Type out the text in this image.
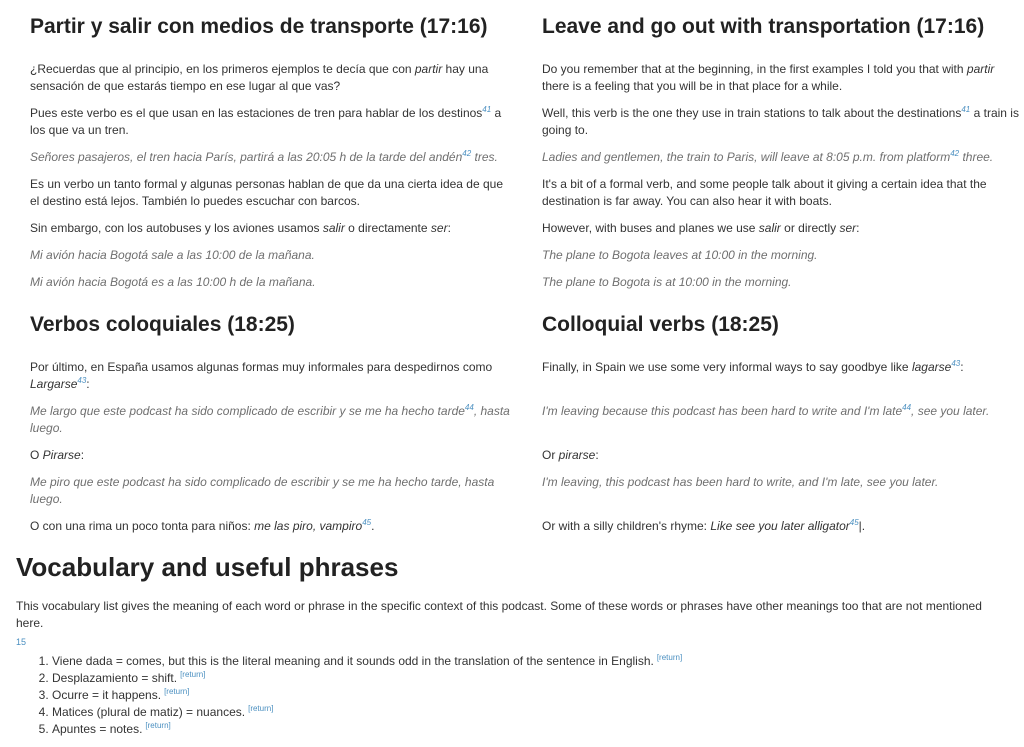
Partir y salir con medios de transporte (17:16)

¿Recuerdas que al principio, en los primeros ejemplos te decía que con partir hay una sensación de que estarás tiempo en ese lugar al que vas?

Pues este verbo es el que usan en las estaciones de tren para hablar de los destinos$^{41}$ a los que va un tren.

Señores pasajeros, el tren hacia París, partirá a las 20:05 h de la tarde del andén$^{42}$ tres.

Es un verbo un tanto formal y algunas personas hablan de que da una cierta idea de que el destino está lejos. También lo puedes escuchar con barcos.

Sin embargo, con los autobuses y los aviones usamos salir o directamente ser:

Mi avión hacia Bogotá sale a las 10:00 de la mañana.

Mi avión hacia Bogotá es a las 10:00 h de la mañana.

Leave and go out with transportation (17:16)

Do you remember that at the beginning, in the first examples I told you that with partir there is a feeling that you will be in that place for a while.

Well, this verb is the one they use in train stations to talk about the destinations$^{41}$ a train is going to.

Ladies and gentlemen, the train to Paris, will leave at 8:05 p.m. from platform$^{42}$ three.

It's a bit of a formal verb, and some people talk about it giving a certain idea that the destination is far away. You can also hear it with boats.

However, with buses and planes we use salir or directly ser:

The plane to Bogota leaves at 10:00 in the morning.

The plane to Bogota is at 10:00 in the morning.

Verbos coloquiales (18:25)

Por último, en España usamos algunas formas muy informales para despedirnos como Largarse$^{43}$:

Me largo que este podcast ha sido complicado de escribir y se me ha hecho tarde$^{44}$, hasta luego.

O Pirarse:

Me piro que este podcast ha sido complicado de escribir y se me ha hecho tarde, hasta luego.

O con una rima un poco tonta para niños: me las piro, vampiro$^{45}$.

Colloquial verbs (18:25)

Finally, in Spain we use some very informal ways to say goodbye like lagarse$^{43}$:

I'm leaving because this podcast has been hard to write and I'm late$^{44}$, see you later.

Or pirarse:

I'm leaving, this podcast has been hard to write, and I'm late, see you later.

Or with a silly children's rhyme: Like see you later alligator$^{45}$|.

Vocabulary and useful phrases

This vocabulary list gives the meaning of each word or phrase in the specific context of this podcast. Some of these words or phrases have other meanings too that are not mentioned here.

15
1. Viene dada = comes, but this is the literal meaning and it sounds odd in the translation of the sentence in English. [return]
2. Desplazamiento = shift. [return]
3. Ocurre = it happens. [return]
4. Matices (plural de matiz) = nuances. [return]
5. Apuntes = notes. [return]
